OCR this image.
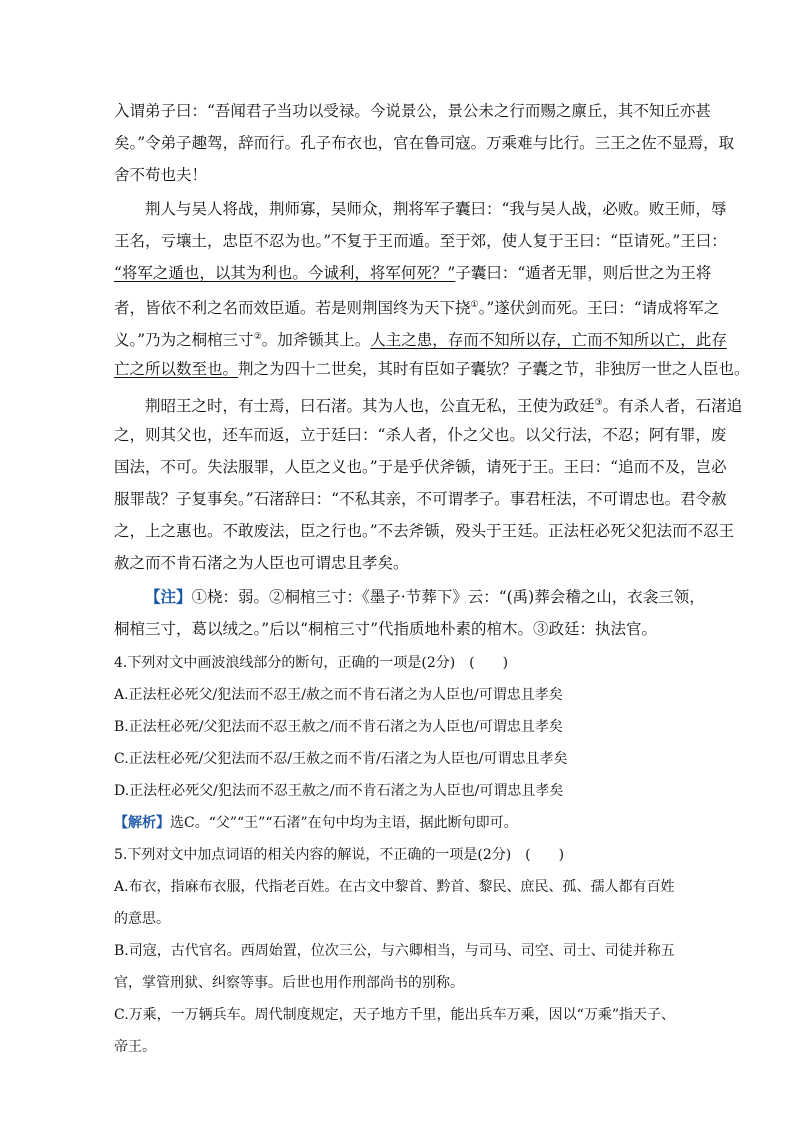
入谓弟子曰：“吾闻君子当功以受禄。今说景公，景公未之行而赐之廪丘，其不知丘亦甚
矣。”令弟子趣驾，辞而行。孔子布衣也，官在鲁司寇。万乘难与比行。三王之佐不显焉，取
舍不苟也夫！
荆人与吴人将战，荆师寡，吴师众，荆将军子囊曰：“我与吴人战，必败。败王师，辱
王名，亏壤土，忠臣不忍为也。”不复于王而遁。至于郊，使人复于王曰：“臣请死。”王曰：
“将军之遁也，以其为利也。今诚利，将军何死？”子囊曰：“遁者无罪，则后世之为王将
者，皆依不利之名而效臣遁。若是则荆国终为天下挠①。”遂伏剑而死。王曰：“请成将军之
义。”乃为之桐棺三寸②。加斧锧其上。人主之患，存而不知所以存，亡而不知所以亡，此存
亡之所以数至也。荆之为四十二世矣，其时有臣如子囊欤？子囊之节，非独厉一世之人臣也。
荆昭王之时，有士焉，曰石渚。其为人也，公直无私，王使为政廷③。有杀人者，石渚追
之，则其父也，还车而返，立于廷曰：“杀人者，仆之父也。以父行法，不忍；阿有罪，废
国法，不可。失法服罪，人臣之义也。”于是乎伏斧锧，请死于王。王曰：“追而不及，岂必
服罪哉？子复事矣。”石渚辞曰：“不私其亲，不可谓孝子。事君枉法，不可谓忠也。君令赦
之，上之惠也。不敢废法，臣之行也。”不去斧锧，殁头于王廷。正法枉必死父犯法而不忍王
赦之而不肯石渚之为人臣也可谓忠且孝矣。
【注】①桡：弱。②桐棺三寸：《墨子·节葬下》云：“(禹)葬会稽之山，衣衾三领，
桐棺三寸，葛以绒之。”后以“桐棺三寸”代指质地朴素的棺木。③政廷：执法官。
4.下列对文中画波浪线部分的断句，正确的一项是(2分)　(　　)
A.正法枉必死父/犯法而不忍王/赦之而不肯石渚之为人臣也/可谓忠且孝矣
B.正法枉必死/父犯法而不忍王赦之/而不肯石渚之为人臣也/可谓忠且孝矣
C.正法枉必死/父犯法而不忍/王赦之而不肯/石渚之为人臣也/可谓忠且孝矣
D.正法枉必死父/犯法而不忍王赦之/而不肯石渚之为人臣也/可谓忠且孝矣
【解析】选C。“父”“王”“石渚”在句中均为主语，据此断句即可。
5.下列对文中加点词语的相关内容的解说，不正确的一项是(2分)　(　　)
A.布衣，指麻布衣服，代指老百姓。在古文中黎首、黔首、黎民、庶民、孤、孺人都有百姓
的意思。
B.司寇，古代官名。西周始置，位次三公，与六卿相当，与司马、司空、司士、司徒并称五
官，掌管刑狱、纠察等事。后世也用作刑部尚书的别称。
C.万乘，一万辆兵车。周代制度规定，天子地方千里，能出兵车万乘，因以“万乘”指天子、
帝王。
